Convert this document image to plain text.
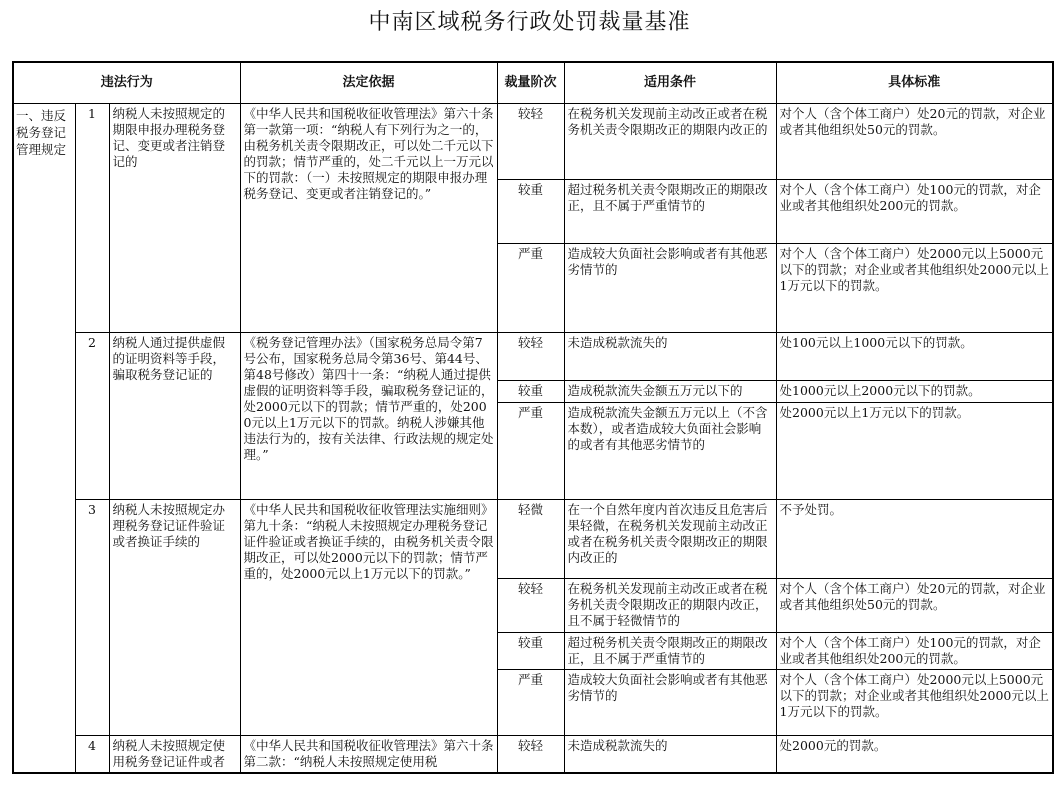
中南区域税务行政处罚裁量基准
违法行为			法定依据	裁量阶次	适用条件	具体标准
一、违反税务登记管理规定	1	纳税人未按照规定的期限申报办理税务登记、变更或者注销登记的	《中华人民共和国税收征收管理法》第六十条第一款第一项：“纳税人有下列行为之一的，由税务机关责令限期改正，可以处二千元以下的罚款；情节严重的，处二千元以上一万元以下的罚款：（一）未按照规定的期限申报办理税务登记、变更或者注销登记的。”	较轻	在税务机关发现前主动改正或者在税务机关责令限期改正的期限内改正的	对个人（含个体工商户）处20元的罚款，对企业或者其他组织处50元的罚款。
				较重	超过税务机关责令限期改正的期限改正，且不属于严重情节的	对个人（含个体工商户）处100元的罚款，对企业或者其他组织处200元的罚款。
				严重	造成较大负面社会影响或者有其他恶劣情节的	对个人（含个体工商户）处2000元以上5000元以下的罚款；对企业或者其他组织处2000元以上1万元以下的罚款。
	2	纳税人通过提供虚假的证明资料等手段，骗取税务登记证的	《税务登记管理办法》（国家税务总局令第7号公布，国家税务总局令第36号、第44号、第48号修改）第四十一条：“纳税人通过提供虚假的证明资料等手段，骗取税务登记证的，处2000元以下的罚款；情节严重的，处2000元以上1万元以下的罚款。纳税人涉嫌其他违法行为的，按有关法律、行政法规的规定处理。”	较轻	未造成税款流失的	处100元以上1000元以下的罚款。
				较重	造成税款流失金额五万元以下的	处1000元以上2000元以下的罚款。
				严重	造成税款流失金额五万元以上（不含本数），或者造成较大负面社会影响的或者有其他恶劣情节的	处2000元以上1万元以下的罚款。
	3	纳税人未按照规定办理税务登记证件验证或者换证手续的	《中华人民共和国税收征收管理法实施细则》第九十条：“纳税人未按照规定办理税务登记证件验证或者换证手续的，由税务机关责令限期改正，可以处2000元以下的罚款；情节严重的，处2000元以上1万元以下的罚款。”	轻微	在一个自然年度内首次违反且危害后果轻微，在税务机关发现前主动改正或者在税务机关责令限期改正的期限内改正的	不予处罚。
				较轻	在税务机关发现前主动改正或者在税务机关责令限期改正的期限内改正，且不属于轻微情节的	对个人（含个体工商户）处20元的罚款，对企业或者其他组织处50元的罚款。
				较重	超过税务机关责令限期改正的期限改正，且不属于严重情节的	对个人（含个体工商户）处100元的罚款，对企业或者其他组织处200元的罚款。
				严重	造成较大负面社会影响或者有其他恶劣情节的	对个人（含个体工商户）处2000元以上5000元以下的罚款；对企业或者其他组织处2000元以上1万元以下的罚款。
	4	纳税人未按照规定使用税务登记证件或者	《中华人民共和国税收征收管理法》第六十条第二款：“纳税人未按照规定使用税	较轻	未造成税款流失的	处2000元的罚款。
